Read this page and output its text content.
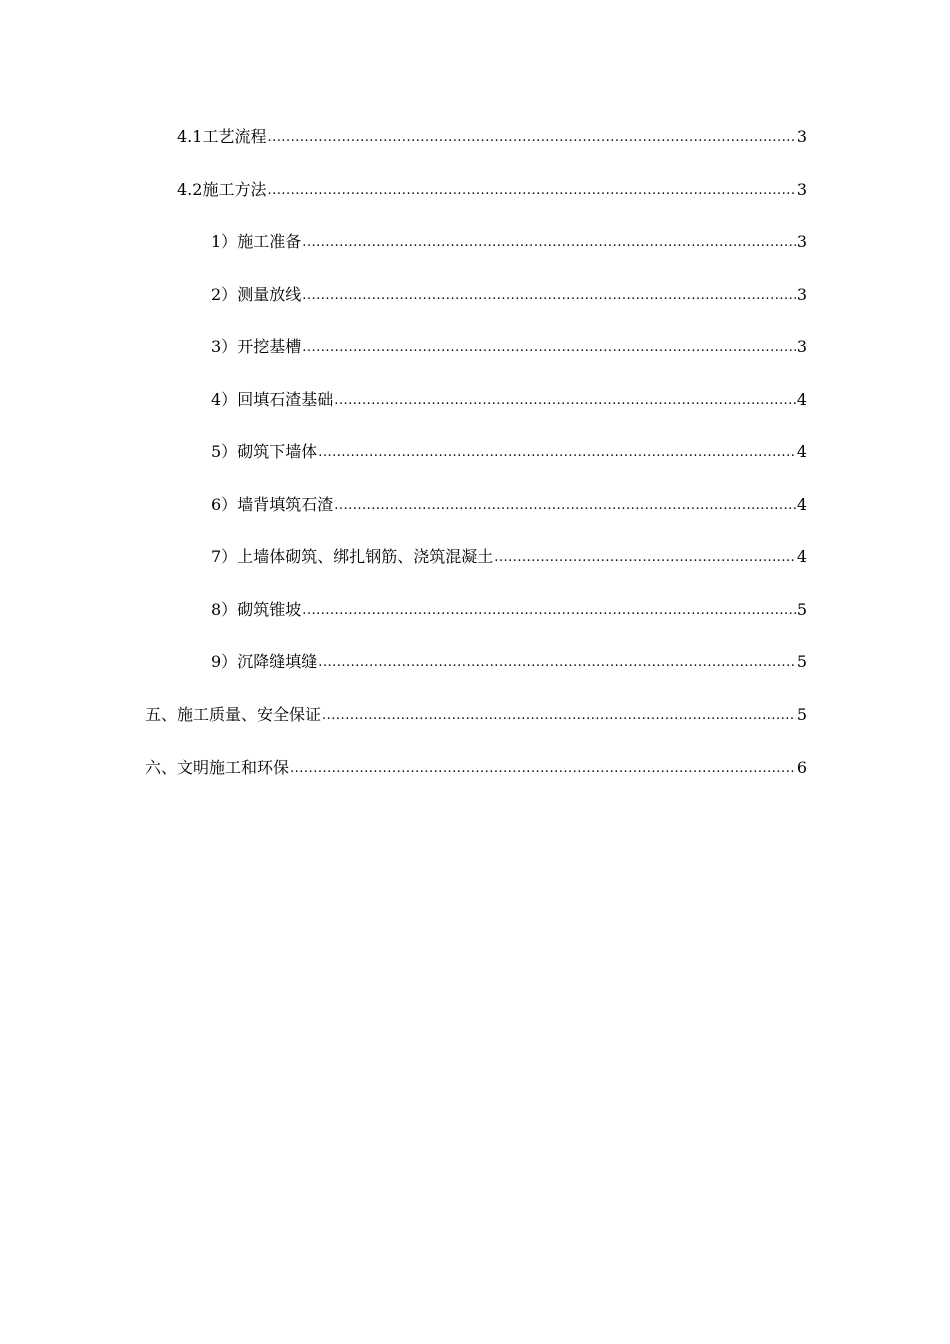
4.1 工艺流程 .....	3
4.2 施工方法 .....	3
1） 施工准备 .....	3
2） 测量放线 .....	3
3） 开挖基槽 .....	3
4） 回填石渣基础 .....	4
5） 砌筑下墙体 .....	4
6） 墙背填筑石渣 .....	4
7） 上墙体砌筑、绑扎钢筋、浇筑混凝土 .....	4
8） 砌筑锥坡 .....	5
9） 沉降缝填缝 .....	5
五、 施工质量、安全保证 .....	5
六、 文明施工和环保 .....	6
